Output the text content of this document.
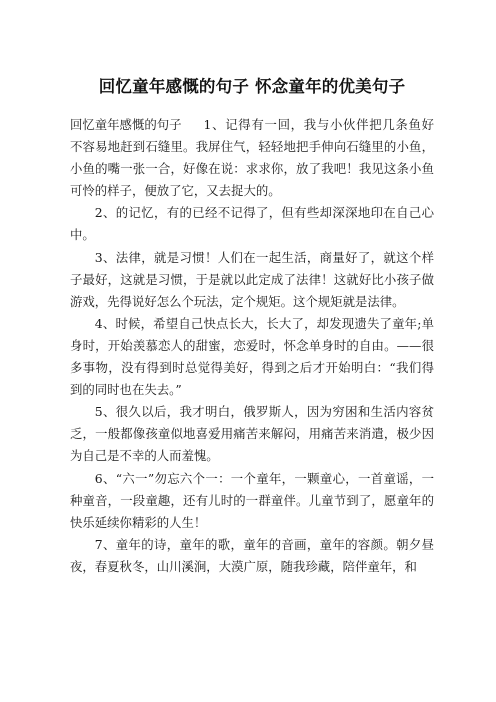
回忆童年感慨的句子 怀念童年的优美句子

回忆童年感慨的句子 1、记得有一回，我与小伙伴把几条鱼好不容易地赶到石缝里。我屏住气，轻轻地把手伸向石缝里的小鱼，小鱼的嘴一张一合，好像在说：求求你，放了我吧！我见这条小鱼可怜的样子，便放了它，又去捉大的。

2、的记忆，有的已经不记得了，但有些却深深地印在自己心中。

3、法律，就是习惯！人们在一起生活，商量好了，就这个样子最好，这就是习惯，于是就以此定成了法律！这就好比小孩子做游戏，先得说好怎么个玩法，定个规矩。这个规矩就是法律。

4、时候，希望自己快点长大，长大了，却发现遗失了童年;单身时，开始羡慕恋人的甜蜜，恋爱时，怀念单身时的自由。——很多事物，没有得到时总觉得美好，得到之后才开始明白：“我们得到的同时也在失去。”

5、很久以后，我才明白，俄罗斯人，因为穷困和生活内容贫乏，一般都像孩童似地喜爱用痛苦来解闷，用痛苦来消遣，极少因为自己是不幸的人而羞愧。

6、“六一”勿忘六个一：一个童年，一颗童心，一首童谣，一种童音，一段童趣，还有儿时的一群童伴。儿童节到了，愿童年的快乐延续你精彩的人生！

7、童年的诗，童年的歌，童年的音画，童年的容颜。朝夕昼夜，春夏秋冬，山川溪涧，大漠广原，随我珍藏，陪伴童年，和
